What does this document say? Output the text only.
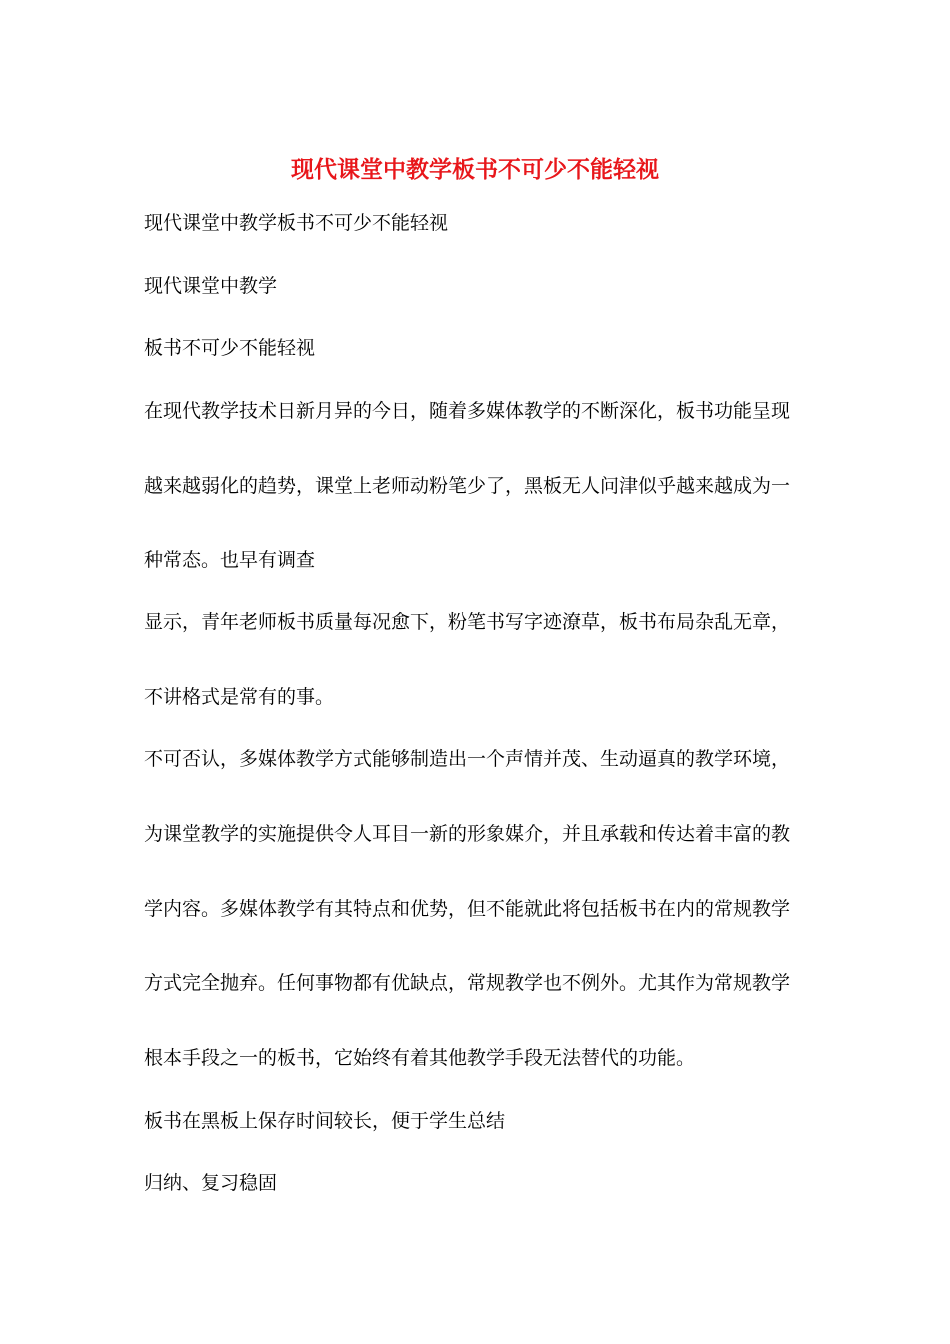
现代课堂中教学板书不可少不能轻视
现代课堂中教学板书不可少不能轻视
现代课堂中教学
板书不可少不能轻视
在现代教学技术日新月异的今日，随着多媒体教学的不断深化，板书功能呈现
越来越弱化的趋势，课堂上老师动粉笔少了，黑板无人问津似乎越来越成为一
种常态。也早有调查
显示，青年老师板书质量每况愈下，粉笔书写字迹潦草，板书布局杂乱无章，
不讲格式是常有的事。
不可否认，多媒体教学方式能够制造出一个声情并茂、生动逼真的教学环境，
为课堂教学的实施提供令人耳目一新的形象媒介，并且承载和传达着丰富的教
学内容。多媒体教学有其特点和优势，但不能就此将包括板书在内的常规教学
方式完全抛弃。任何事物都有优缺点，常规教学也不例外。尤其作为常规教学
根本手段之一的板书，它始终有着其他教学手段无法替代的功能。
板书在黑板上保存时间较长，便于学生总结
归纳、复习稳固
